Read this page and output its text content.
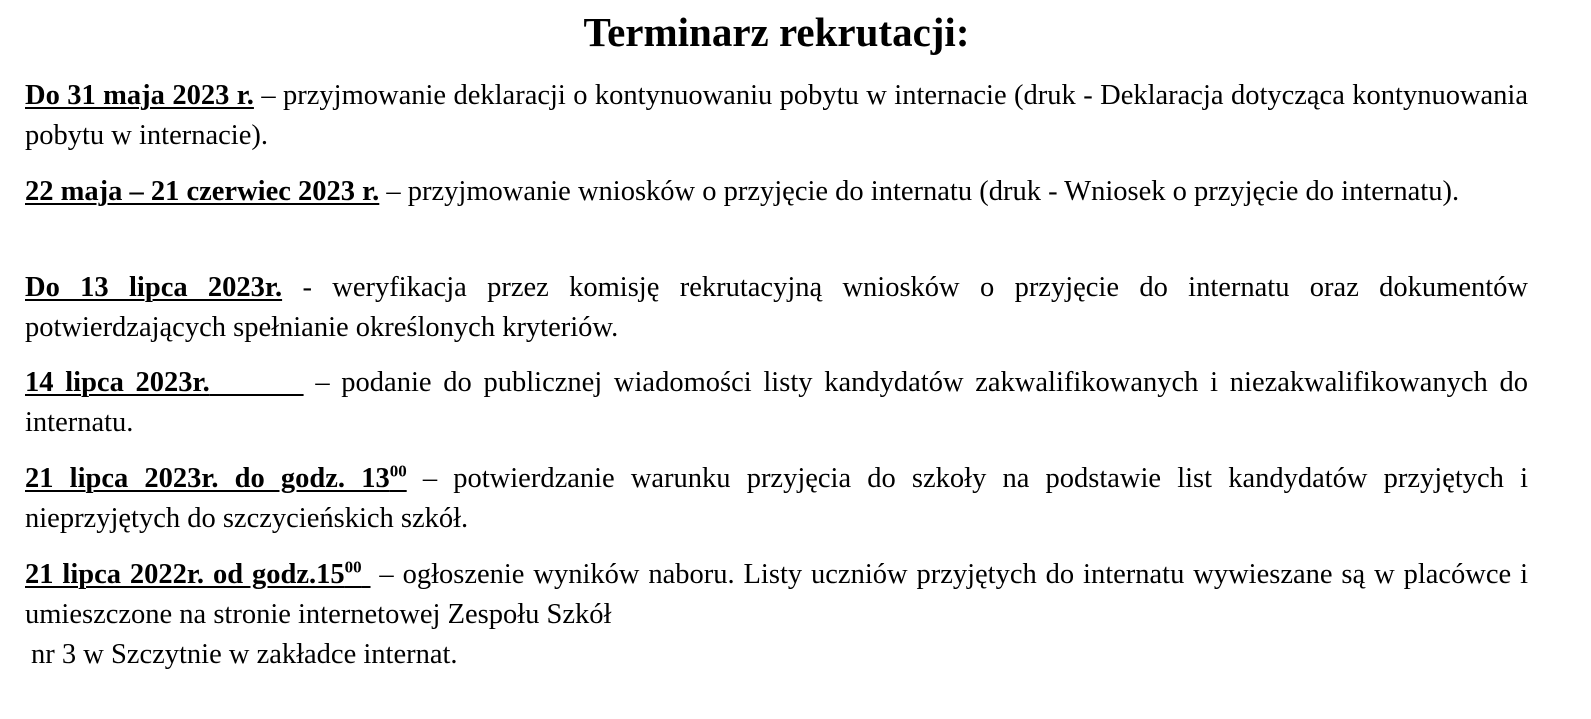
Terminarz rekrutacji:

Do 31 maja 2023 r. – przyjmowanie deklaracji o kontynuowaniu pobytu w internacie (druk - Deklaracja dotycząca kontynuowania pobytu w internacie).

22 maja – 21 czerwiec 2023 r. – przyjmowanie wniosków o przyjęcie do internatu (druk - Wniosek o przyjęcie do internatu).

Do 13 lipca 2023r. - weryfikacja przez komisję rekrutacyjną wniosków o przyjęcie do internatu oraz dokumentów potwierdzających spełnianie określonych kryteriów.

14 lipca 2023r.	– podanie do publicznej wiadomości listy kandydatów zakwalifikowanych i niezakwalifikowanych do internatu.

21 lipca 2023r. do godz. $13^{00}$ – potwierdzanie warunku przyjęcia do szkoły na podstawie list kandydatów przyjętych i nieprzyjętych do szczycieńskich szkół.

21 lipca 2022r. od $godz.15^{00}$ – ogłoszenie wyników naboru. Listy uczniów przyjętych do internatu wywieszane są w placówce i umieszczone na stronie internetowej Zespołu Szkół
nr 3 w Szczytnie w zakładce internat.
